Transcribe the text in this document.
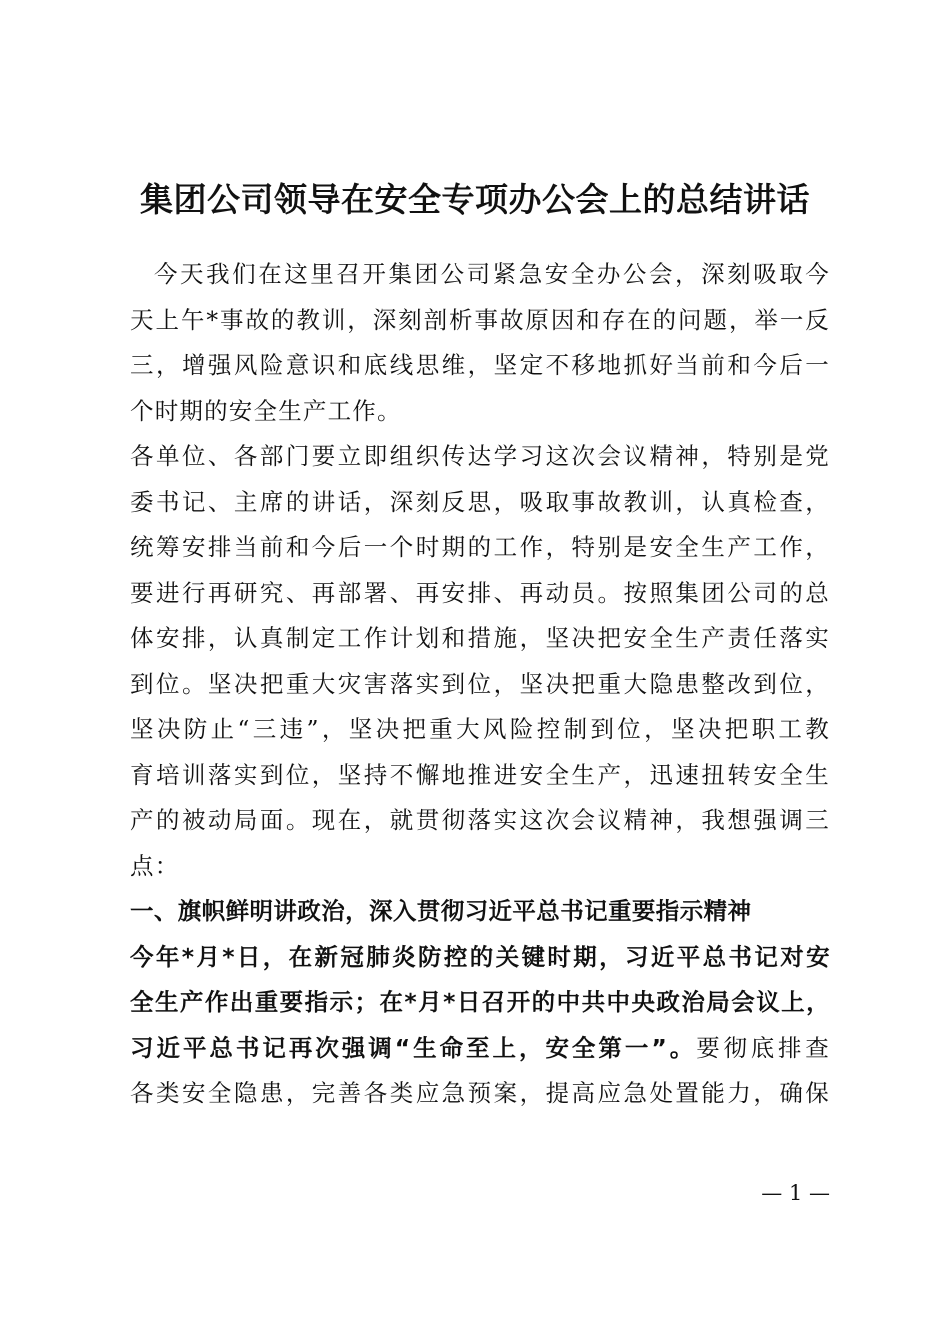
集团公司领导在安全专项办公会上的总结讲话
今天我们在这里召开集团公司紧急安全办公会，深刻吸取今
天上午*事故的教训，深刻剖析事故原因和存在的问题，举一反
三，增强风险意识和底线思维，坚定不移地抓好当前和今后一
个时期的安全生产工作。
各单位、各部门要立即组织传达学习这次会议精神，特别是党
委书记、主席的讲话，深刻反思，吸取事故教训，认真检查，
统筹安排当前和今后一个时期的工作，特别是安全生产工作，
要进行再研究、再部署、再安排、再动员。按照集团公司的总
体安排，认真制定工作计划和措施，坚决把安全生产责任落实
到位。坚决把重大灾害落实到位，坚决把重大隐患整改到位，
坚决防止“三违”，坚决把重大风险控制到位，坚决把职工教
育培训落实到位，坚持不懈地推进安全生产，迅速扭转安全生
产的被动局面。现在，就贯彻落实这次会议精神，我想强调三
点：
一、旗帜鲜明讲政治，深入贯彻习近平总书记重要指示精神
今年*月*日，在新冠肺炎防控的关键时期，习近平总书记对安
全生产作出重要指示；在*月*日召开的中共中央政治局会议上，
习近平总书记再次强调“生命至上，安全第一”。要彻底排查
各类安全隐患，完善各类应急预案，提高应急处置能力，确保
— 1 —
